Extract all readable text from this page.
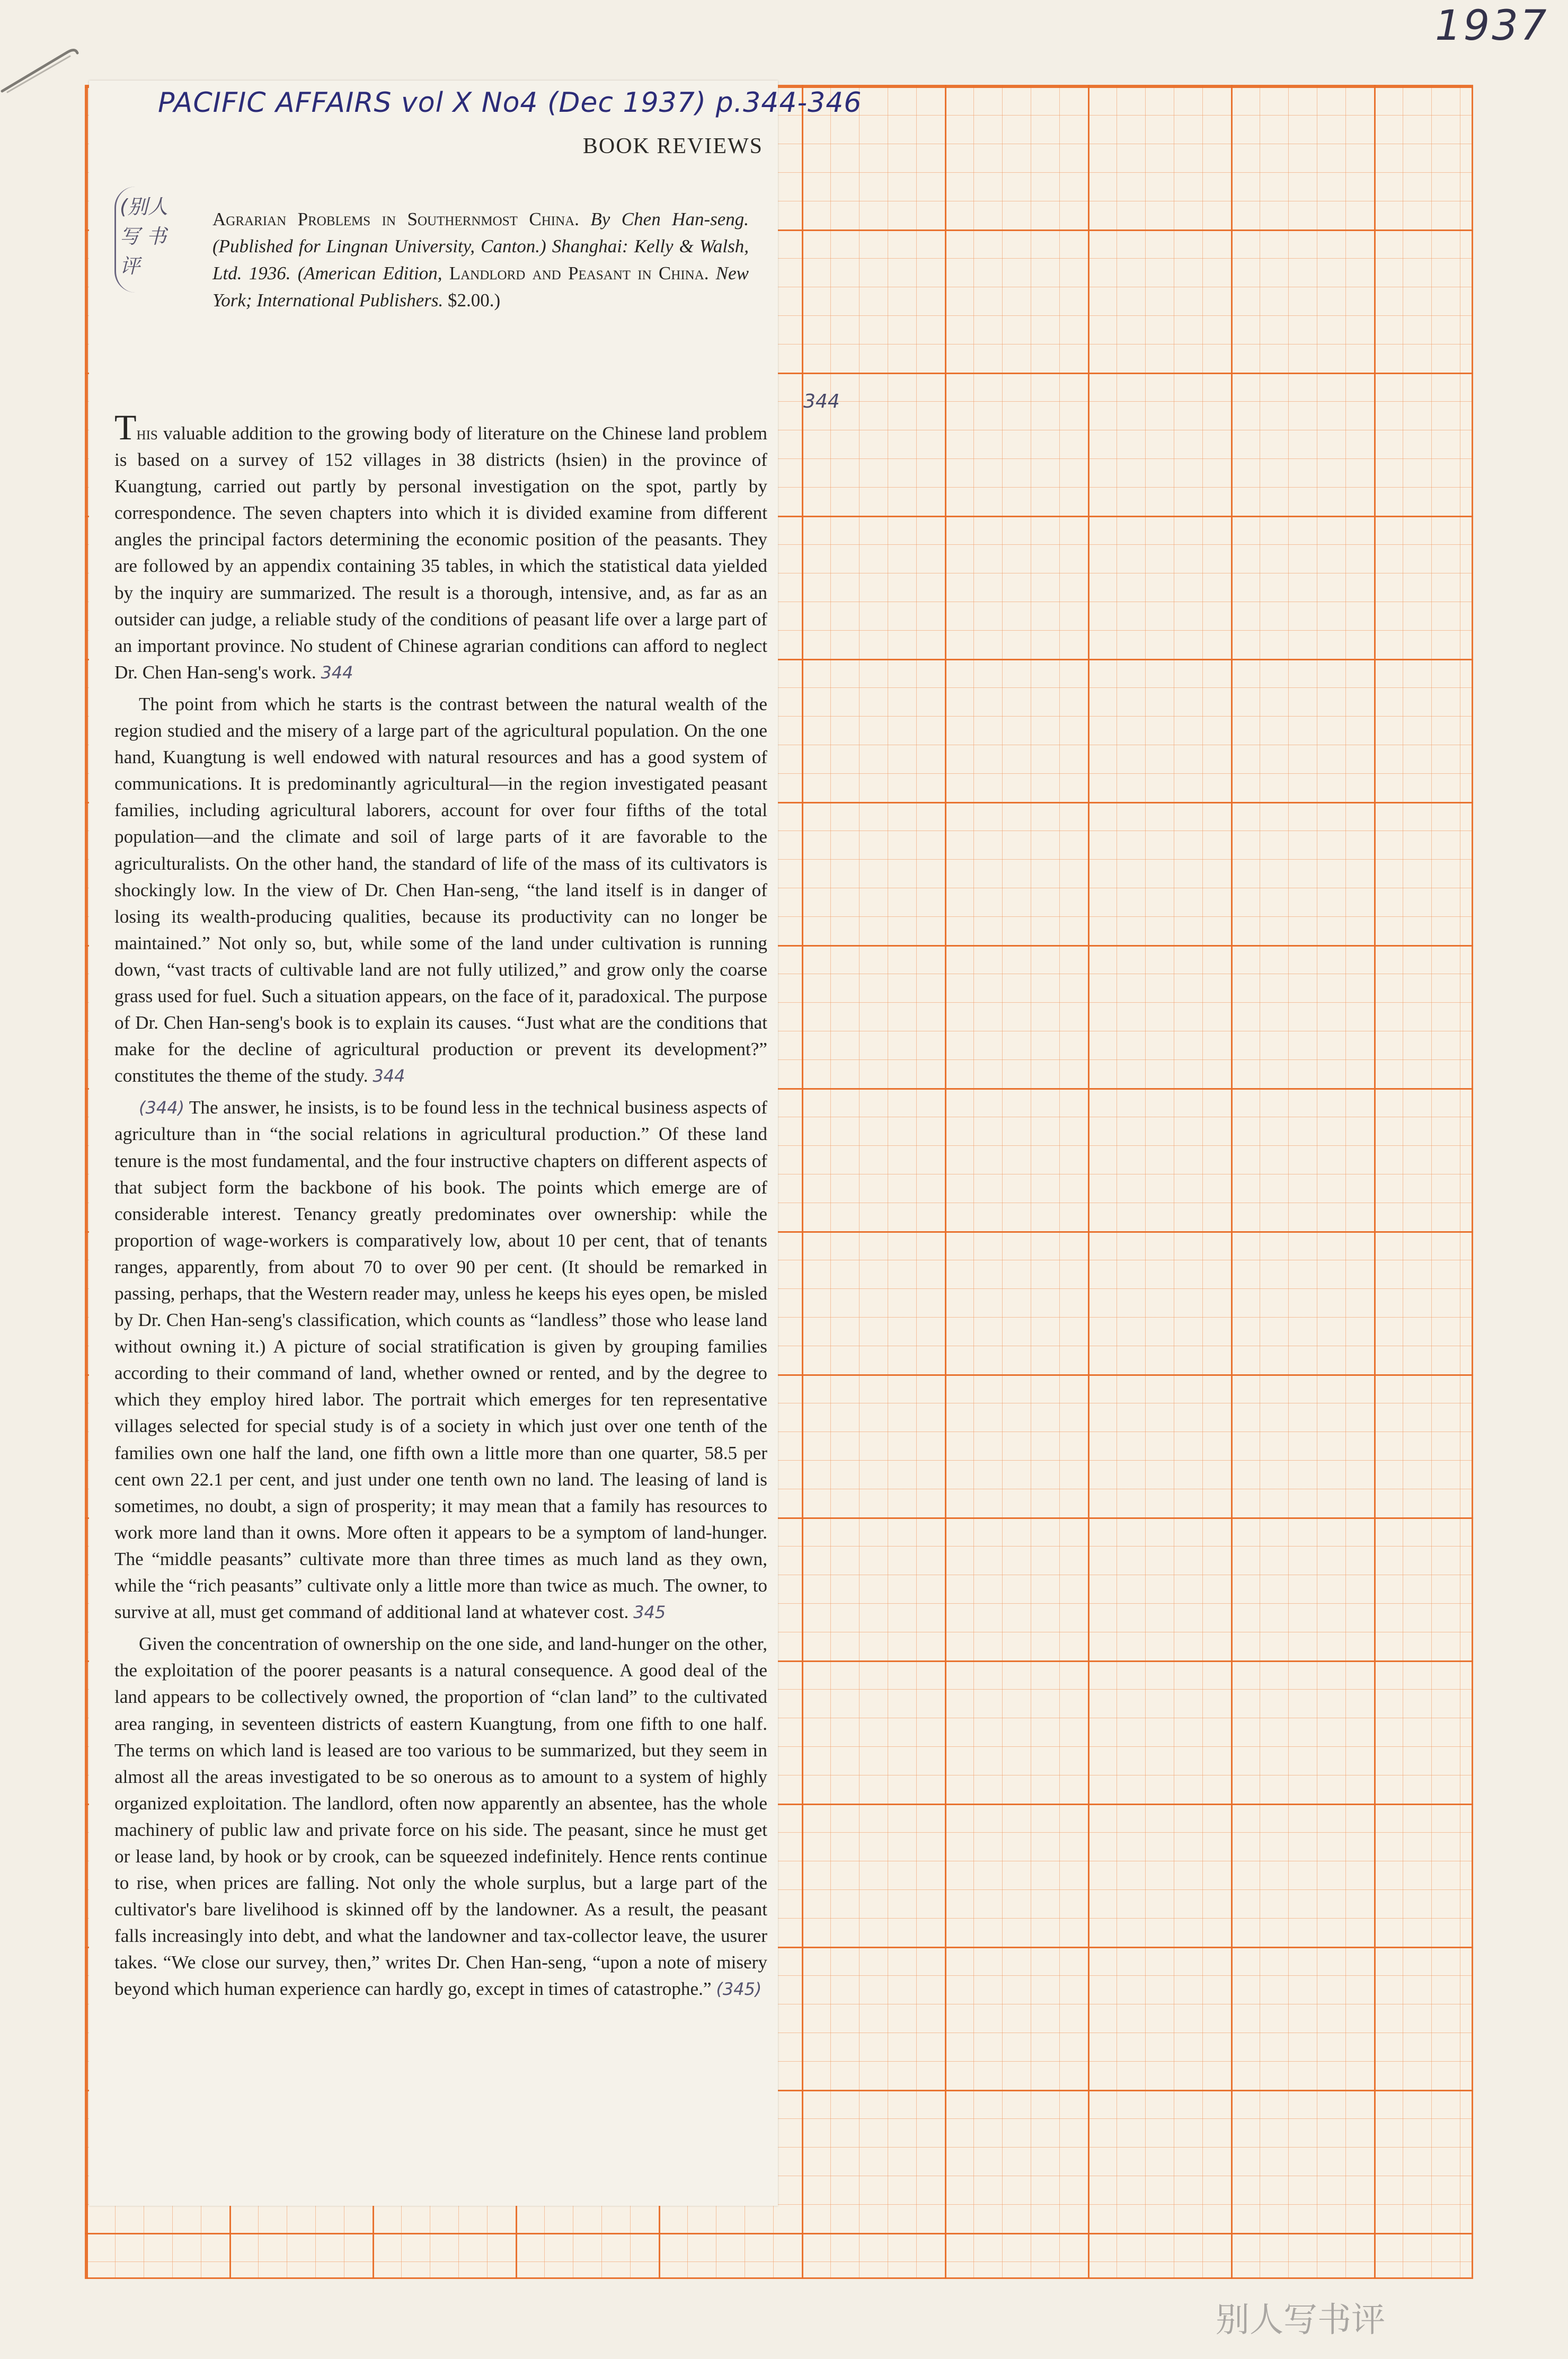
1937
PACIFIC AFFAIRS vol X No4 (Dec 1937) p.344-346
BOOK REVIEWS
(别人 写 书评

Agrarian Problems in Southernmost China. By Chen Han-seng. (Published for Lingnan University, Canton.) Shanghai: Kelly & Walsh, Ltd. 1936. (American Edition, Landlord and Peasant in China. New York; International Publishers. $2.00.)

344

This valuable addition to the growing body of literature on the Chinese land problem is based on a survey of 152 villages in 38 districts (hsien) in the province of Kuangtung, carried out partly by personal investigation on the spot, partly by correspondence. The seven chapters into which it is divided examine from different angles the principal factors determining the economic position of the peasants. They are followed by an appendix containing 35 tables, in which the statistical data yielded by the inquiry are summarized. The result is a thorough, intensive, and, as far as an outsider can judge, a reliable study of the conditions of peasant life over a large part of an important province. No student of Chinese agrarian conditions can afford to neglect Dr. Chen Han-seng's work. 344

The point from which he starts is the contrast between the natural wealth of the region studied and the misery of a large part of the agricultural population. On the one hand, Kuangtung is well endowed with natural resources and has a good system of communications. It is predominantly agricultural—in the region investigated peasant families, including agricultural laborers, account for over four fifths of the total population—and the climate and soil of large parts of it are favorable to the agriculturalists. On the other hand, the standard of life of the mass of its cultivators is shockingly low. In the view of Dr. Chen Han-seng, “the land itself is in danger of losing its wealth-producing qualities, because its productivity can no longer be maintained.” Not only so, but, while some of the land under cultivation is running down, “vast tracts of cultivable land are not fully utilized,” and grow only the coarse grass used for fuel. Such a situation appears, on the face of it, paradoxical. The purpose of Dr. Chen Han-seng's book is to explain its causes. “Just what are the conditions that make for the decline of agricultural production or prevent its development?” constitutes the theme of the study. 344

(344) The answer, he insists, is to be found less in the technical business aspects of agriculture than in “the social relations in agricultural production.” Of these land tenure is the most fundamental, and the four instructive chapters on different aspects of that subject form the backbone of his book. The points which emerge are of considerable interest. Tenancy greatly predominates over ownership: while the proportion of wage-workers is comparatively low, about 10 per cent, that of tenants ranges, apparently, from about 70 to over 90 per cent. (It should be remarked in passing, perhaps, that the Western reader may, unless he keeps his eyes open, be misled by Dr. Chen Han-seng's classification, which counts as “landless” those who lease land without owning it.) A picture of social stratification is given by grouping families according to their command of land, whether owned or rented, and by the degree to which they employ hired labor. The portrait which emerges for ten representative villages selected for special study is of a society in which just over one tenth of the families own one half the land, one fifth own a little more than one quarter, 58.5 per cent own 22.1 per cent, and just under one tenth own no land. The leasing of land is sometimes, no doubt, a sign of prosperity; it may mean that a family has resources to work more land than it owns. More often it appears to be a symptom of land-hunger. The “middle peasants” cultivate more than three times as much land as they own, while the “rich peasants” cultivate only a little more than twice as much. The owner, to survive at all, must get command of additional land at whatever cost. 345

Given the concentration of ownership on the one side, and land-hunger on the other, the exploitation of the poorer peasants is a natural consequence. A good deal of the land appears to be collectively owned, the proportion of “clan land” to the cultivated area ranging, in seventeen districts of eastern Kuangtung, from one fifth to one half. The terms on which land is leased are too various to be summarized, but they seem in almost all the areas investigated to be so onerous as to amount to a system of highly organized exploitation. The landlord, often now apparently an absentee, has the whole machinery of public law and private force on his side. The peasant, since he must get or lease land, by hook or by crook, can be squeezed indefinitely. Hence rents continue to rise, when prices are falling. Not only the whole surplus, but a large part of the cultivator's bare livelihood is skinned off by the landowner. As a result, the peasant falls increasingly into debt, and what the landowner and tax-collector leave, the usurer takes. “We close our survey, then,” writes Dr. Chen Han-seng, “upon a note of misery beyond which human experience can hardly go, except in times of catastrophe.” (345)

别人写书评
